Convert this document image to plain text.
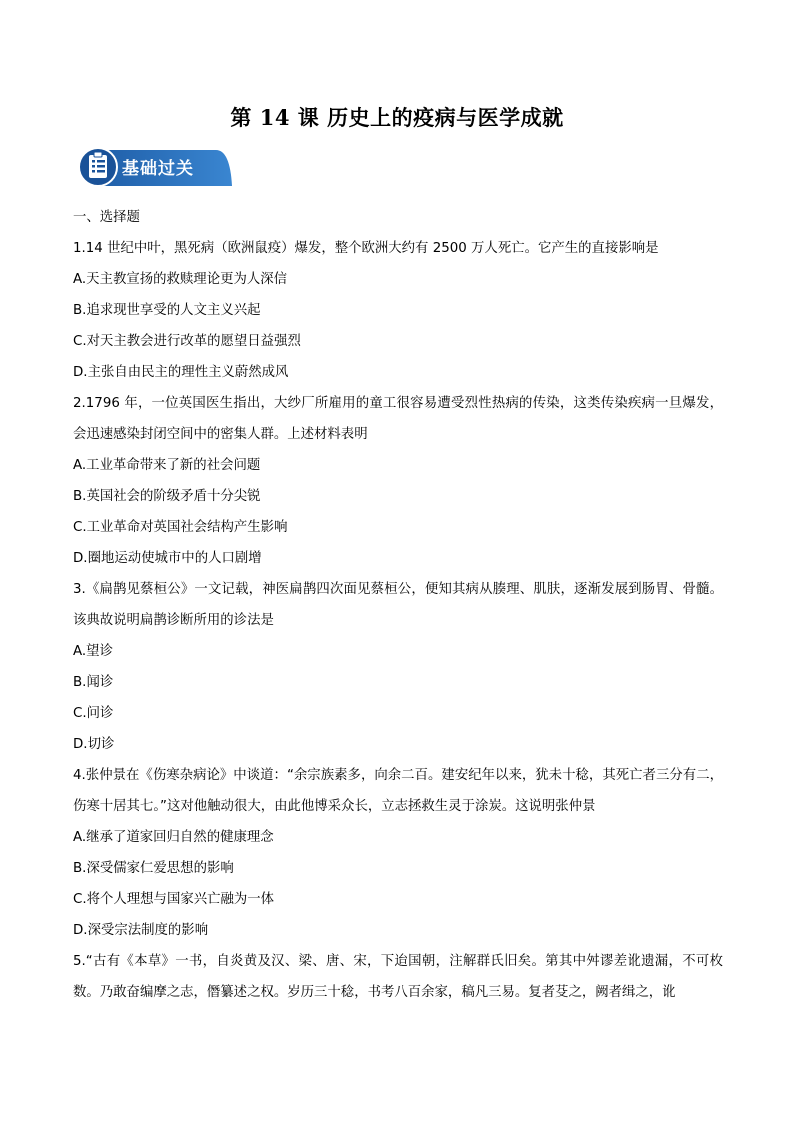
第 14 课 历史上的疫病与医学成就
基础过关
一、选择题
1.14 世纪中叶，黑死病（欧洲鼠疫）爆发，整个欧洲大约有 2500 万人死亡。它产生的直接影响是
A.天主教宣扬的救赎理论更为人深信
B.追求现世享受的人文主义兴起
C.对天主教会进行改革的愿望日益强烈
D.主张自由民主的理性主义蔚然成风
2.1796 年，一位英国医生指出，大纱厂所雇用的童工很容易遭受烈性热病的传染，这类传染疾病一旦爆发，会迅速感染封闭空间中的密集人群。上述材料表明
A.工业革命带来了新的社会问题
B.英国社会的阶级矛盾十分尖锐
C.工业革命对英国社会结构产生影响
D.圈地运动使城市中的人口剧增
3.《扁鹊见蔡桓公》一文记载，神医扁鹊四次面见蔡桓公，便知其病从腠理、肌肤，逐渐发展到肠胃、骨髓。该典故说明扁鹊诊断所用的诊法是
A.望诊
B.闻诊
C.问诊
D.切诊
4.张仲景在《伤寒杂病论》中谈道：“余宗族素多，向余二百。建安纪年以来，犹未十稔，其死亡者三分有二，伤寒十居其七。”这对他触动很大，由此他博采众长，立志拯救生灵于涂炭。这说明张仲景
A.继承了道家回归自然的健康理念
B.深受儒家仁爱思想的影响
C.将个人理想与国家兴亡融为一体
D.深受宗法制度的影响
5.“古有《本草》一书，自炎黄及汉、梁、唐、宋，下迨国朝，注解群氏旧矣。第其中舛谬差讹遗漏，不可枚数。乃敢奋编摩之志，僭纂述之权。岁历三十稔，书考八百余家，稿凡三易。复者芟之，阙者缉之，讹
